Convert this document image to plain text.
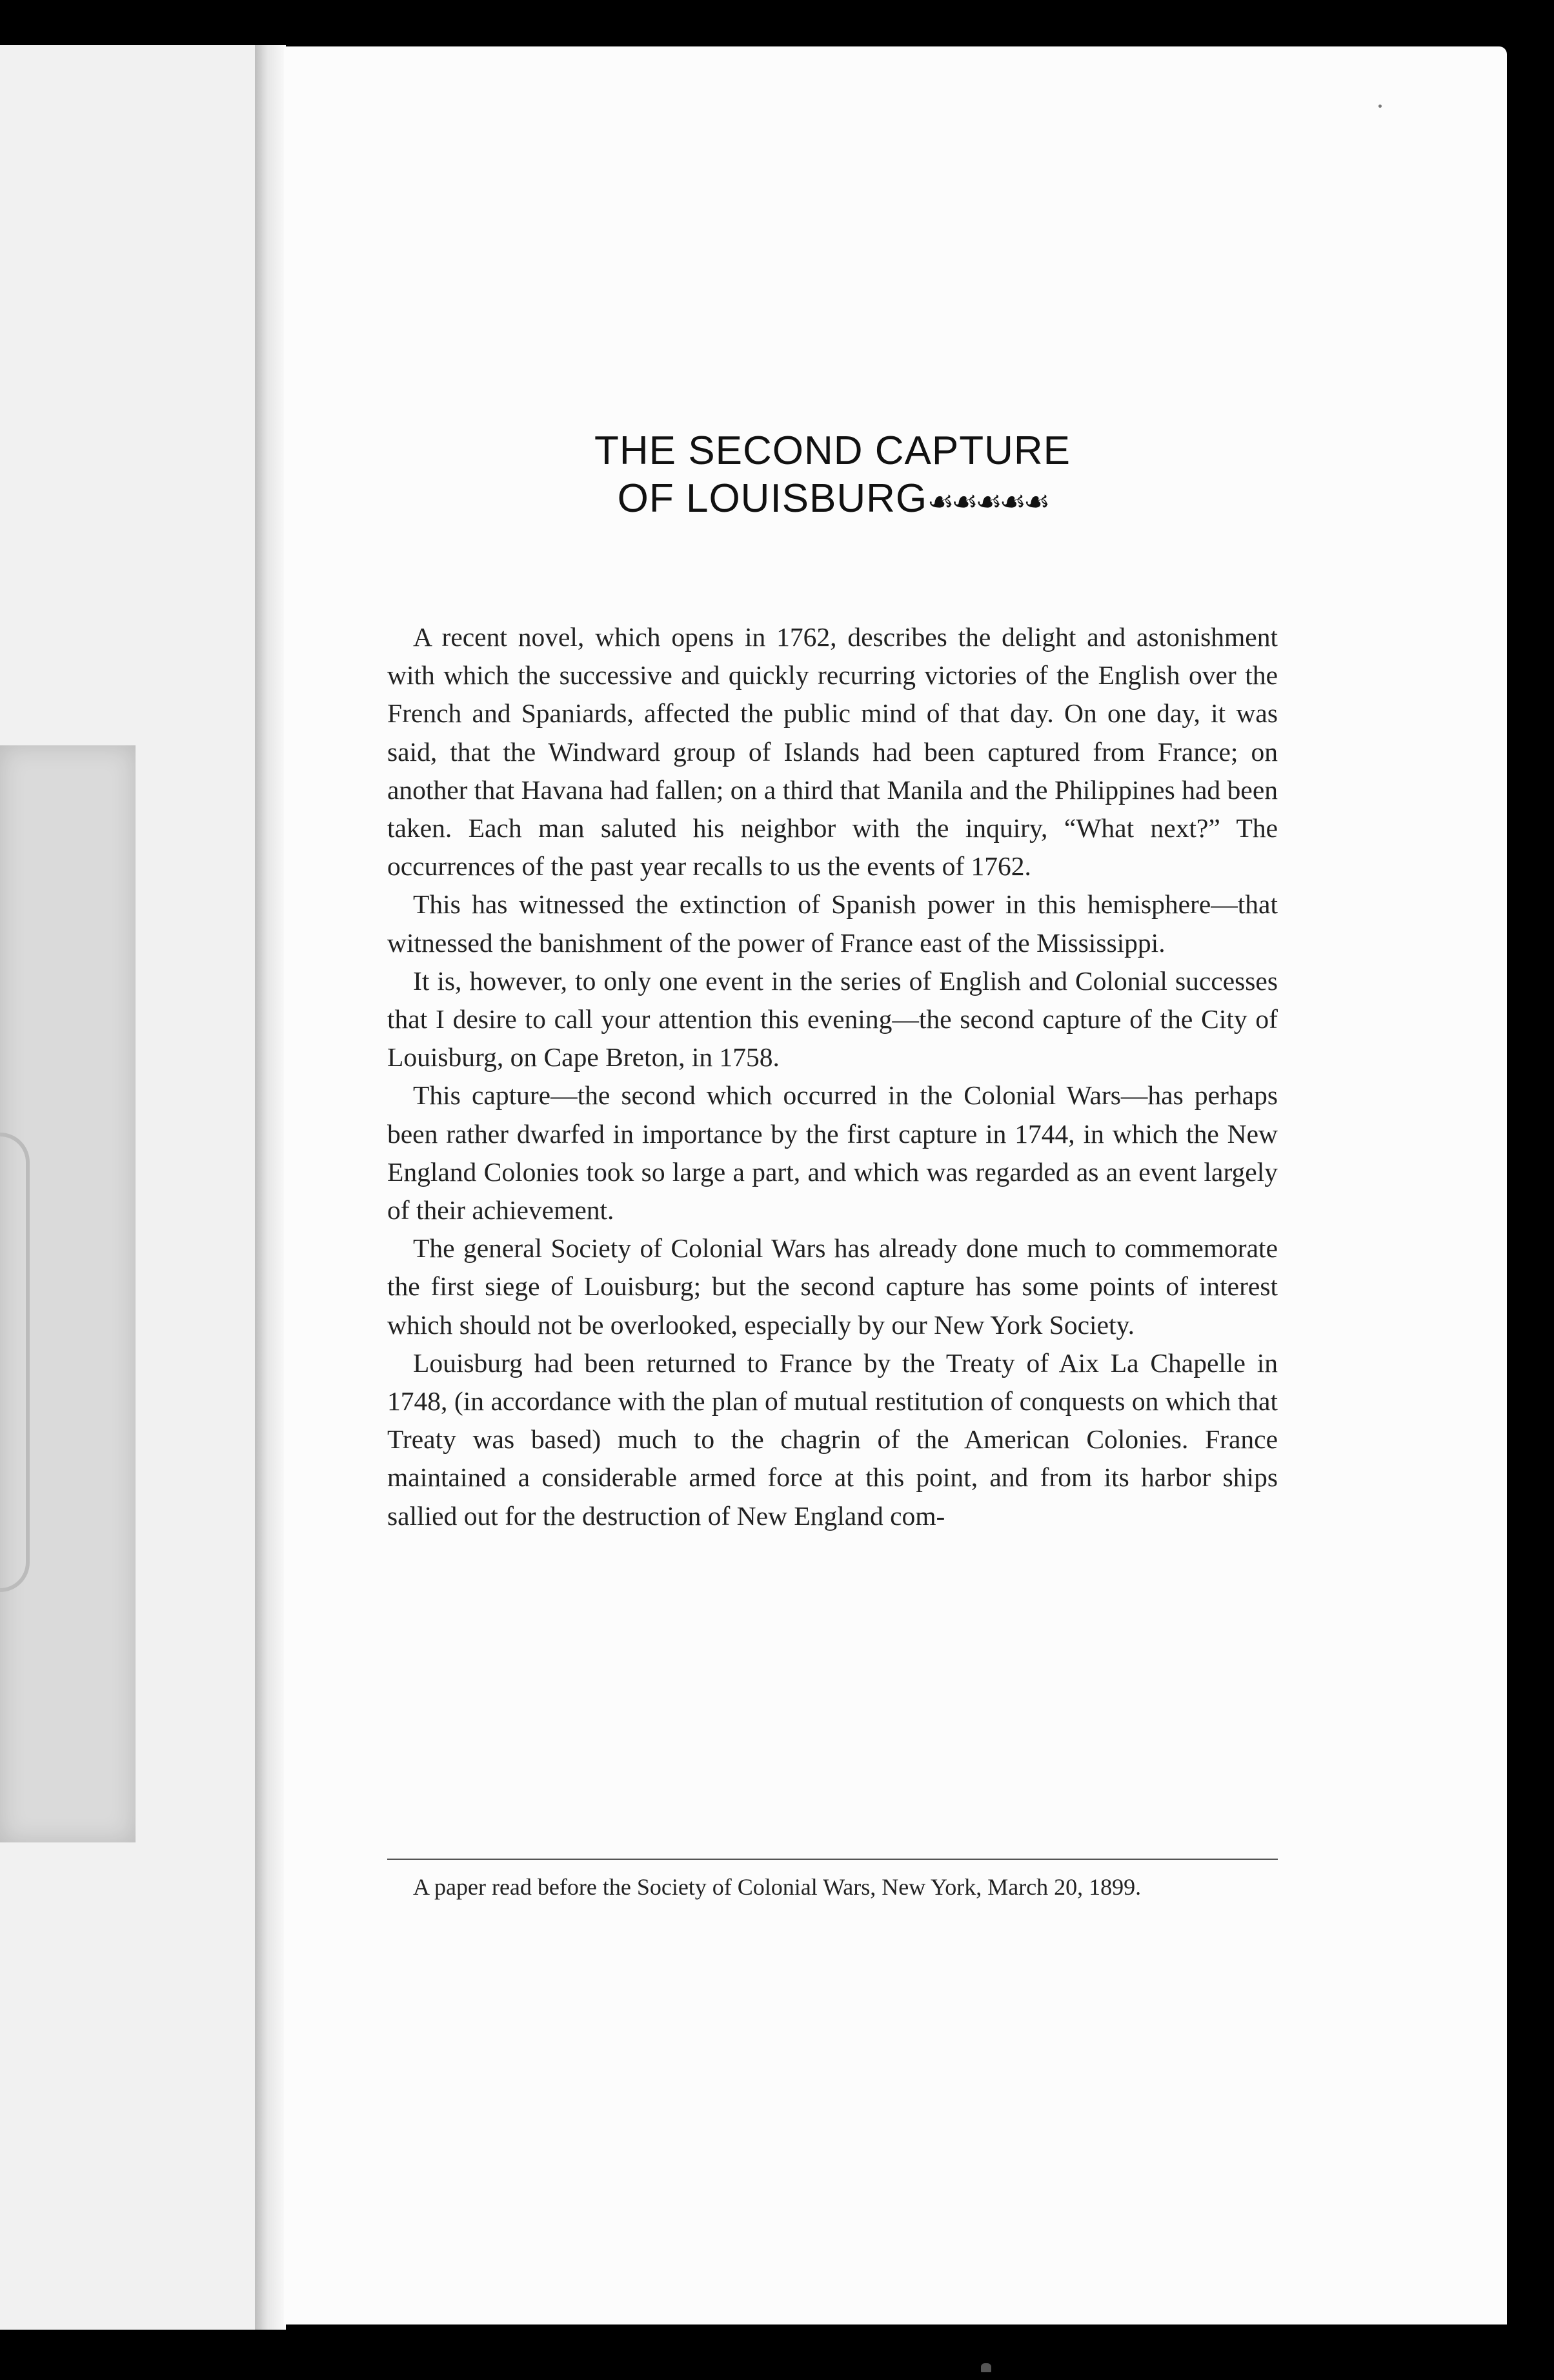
THE SECOND CAPTURE
OF LOUISBURG☙☙☙☙☙

A recent novel, which opens in 1762, describes the delight and astonishment with which the successive and quickly recurring victories of the English over the French and Spaniards, affected the public mind of that day. On one day, it was said, that the Windward group of Islands had been captured from France; on another that Havana had fallen; on a third that Manila and the Philippines had been taken. Each man saluted his neighbor with the inquiry, “What next?” The occurrences of the past year recalls to us the events of 1762.

This has witnessed the extinction of Spanish power in this hemisphere—that witnessed the banishment of the power of France east of the Mississippi.

It is, however, to only one event in the series of English and Colonial successes that I desire to call your attention this evening—the second capture of the City of Louisburg, on Cape Breton, in 1758.

This capture—the second which occurred in the Colonial Wars—has perhaps been rather dwarfed in importance by the first capture in 1744, in which the New England Colonies took so large a part, and which was regarded as an event largely of their achievement.

The general Society of Colonial Wars has already done much to commemorate the first siege of Louisburg; but the second capture has some points of interest which should not be overlooked, especially by our New York Society.

Louisburg had been returned to France by the Treaty of Aix La Chapelle in 1748, (in accordance with the plan of mutual restitution of conquests on which that Treaty was based) much to the chagrin of the American Colonies. France maintained a considerable armed force at this point, and from its harbor ships sallied out for the destruction of New England com-

A paper read before the Society of Colonial Wars, New York, March 20, 1899.
